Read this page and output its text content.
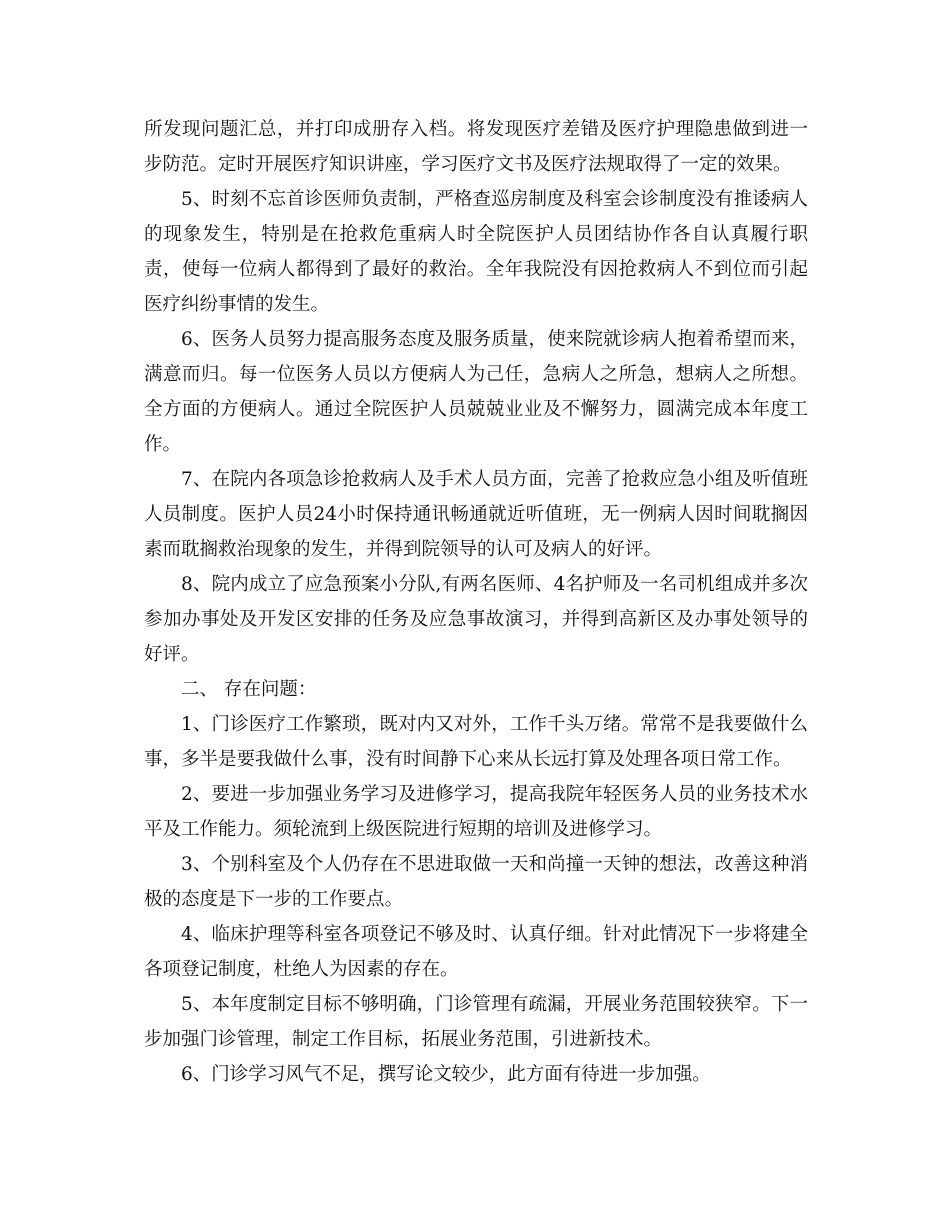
所发现问题汇总，并打印成册存入档。将发现医疗差错及医疗护理隐患做到进一步防范。定时开展医疗知识讲座，学习医疗文书及医疗法规取得了一定的效果。

5、时刻不忘首诊医师负责制，严格查巡房制度及科室会诊制度没有推诿病人的现象发生，特别是在抢救危重病人时全院医护人员团结协作各自认真履行职责，使每一位病人都得到了最好的救治。全年我院没有因抢救病人不到位而引起医疗纠纷事情的发生。

6、医务人员努力提高服务态度及服务质量，使来院就诊病人抱着希望而来，满意而归。每一位医务人员以方便病人为己任，急病人之所急，想病人之所想。全方面的方便病人。通过全院医护人员兢兢业业及不懈努力，圆满完成本年度工作。

7、在院内各项急诊抢救病人及手术人员方面，完善了抢救应急小组及听值班人员制度。医护人员24小时保持通讯畅通就近听值班，无一例病人因时间耽搁因素而耽搁救治现象的发生，并得到院领导的认可及病人的好评。

8、院内成立了应急预案小分队,有两名医师、4名护师及一名司机组成并多次参加办事处及开发区安排的任务及应急事故演习，并得到高新区及办事处领导的好评。

二、 存在问题：

1、门诊医疗工作繁琐，既对内又对外，工作千头万绪。常常不是我要做什么事，多半是要我做什么事，没有时间静下心来从长远打算及处理各项日常工作。

2、要进一步加强业务学习及进修学习，提高我院年轻医务人员的业务技术水平及工作能力。须轮流到上级医院进行短期的培训及进修学习。

3、个别科室及个人仍存在不思进取做一天和尚撞一天钟的想法，改善这种消极的态度是下一步的工作要点。

4、临床护理等科室各项登记不够及时、认真仔细。针对此情况下一步将建全各项登记制度，杜绝人为因素的存在。

5、本年度制定目标不够明确，门诊管理有疏漏，开展业务范围较狭窄。下一步加强门诊管理，制定工作目标，拓展业务范围，引进新技术。

6、门诊学习风气不足，撰写论文较少，此方面有待进一步加强。
